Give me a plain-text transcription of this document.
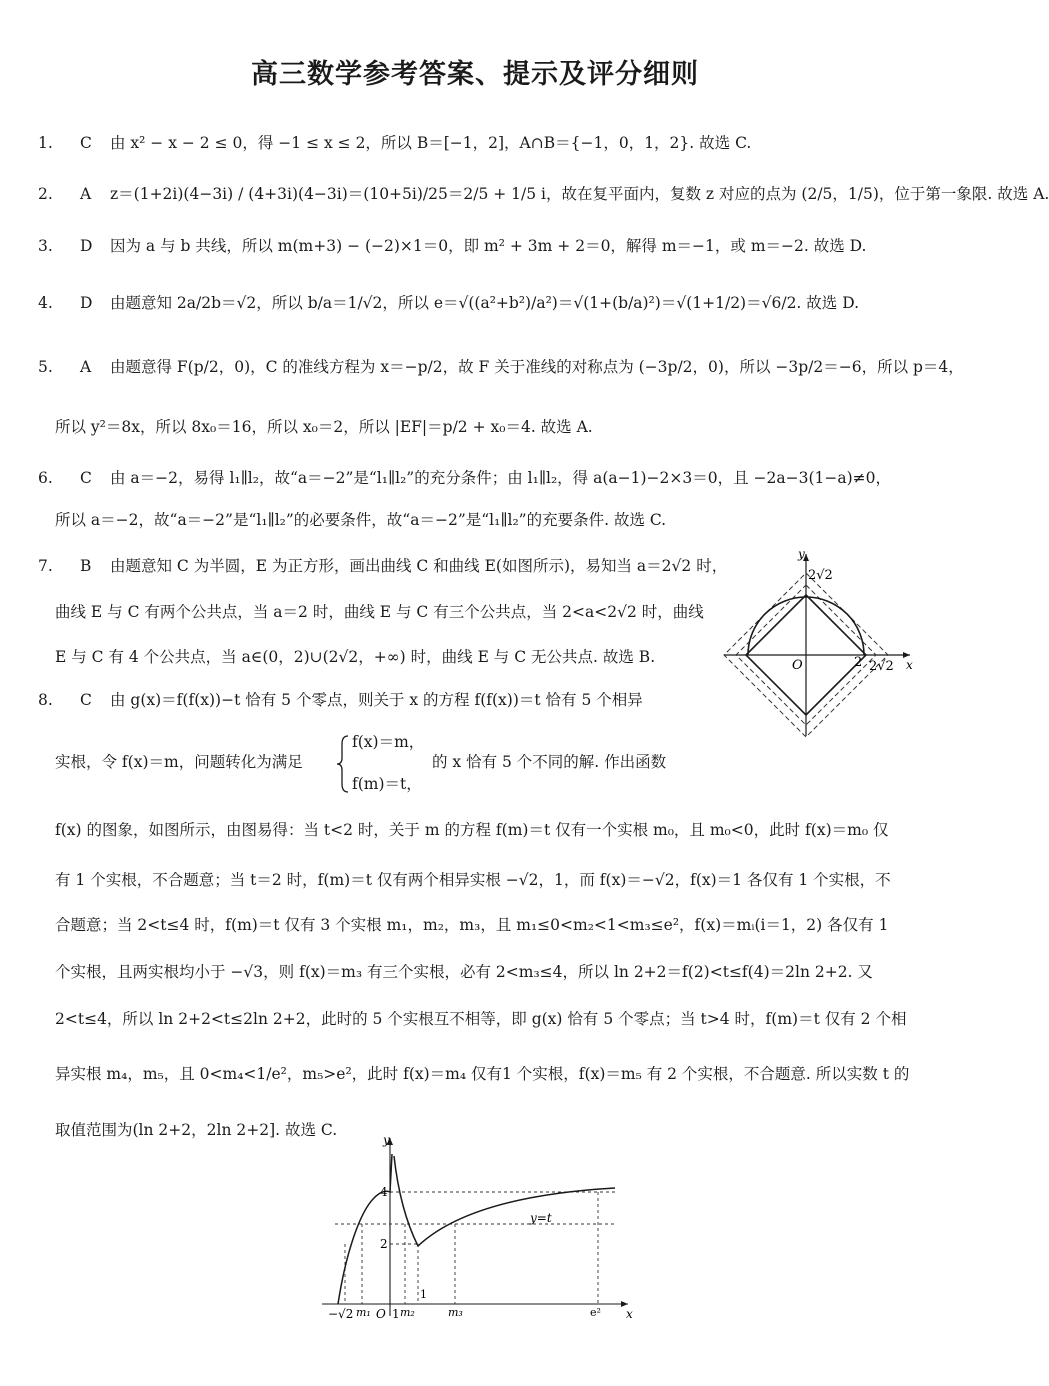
高三数学参考答案、提示及评分细则
1. C 由 x² − x − 2 ≤ 0，得 −1 ≤ x ≤ 2，所以 B＝[−1，2]，A∩B＝{−1，0，1，2}. 故选 C.
2. A z＝(1+2i)(4−3i) / (4+3i)(4−3i)＝(10+5i)/25＝2/5 + 1/5 i，故在复平面内，复数 z 对应的点为 (2/5，1/5)，位于第一象限. 故选 A.
3. D 因为 a 与 b 共线，所以 m(m+3) − (−2)×1＝0，即 m² + 3m + 2＝0，解得 m＝−1，或 m＝−2. 故选 D.
4. D 由题意知 2a/2b＝√2，所以 b/a＝1/√2，所以 e＝√((a²+b²)/a²)＝√(1+(b/a)²)＝√(1+1/2)＝√6/2. 故选 D.
5. A 由题意得 F(p/2，0)，C 的准线方程为 x＝−p/2，故 F 关于准线的对称点为 (−3p/2，0)，所以 −3p/2＝−6，所以 p＝4，
所以 y²＝8x，所以 8x₀＝16，所以 x₀＝2，所以 |EF|＝p/2 + x₀＝4. 故选 A.
6. C 由 a＝−2，易得 l₁∥l₂，故“a＝−2”是“l₁∥l₂”的充分条件；由 l₁∥l₂，得 a(a−1)−2×3＝0，且 −2a−3(1−a)≠0，
所以 a＝−2，故“a＝−2”是“l₁∥l₂”的必要条件，故“a＝−2”是“l₁∥l₂”的充要条件. 故选 C.
7. B 由题意知 C 为半圆，E 为正方形，画出曲线 C 和曲线 E(如图所示)，易知当 a＝2√2 时，
曲线 E 与 C 有两个公共点，当 a＝2 时，曲线 E 与 C 有三个公共点，当 2<a<2√2 时，曲线
E 与 C 有 4 个公共点，当 a∈(0，2)∪(2√2，+∞) 时，曲线 E 与 C 无公共点. 故选 B.
y
2√2
O	2 2√2 x
8. C 由 g(x)＝f(f(x))−t 恰有 5 个零点，则关于 x 的方程 f(f(x))＝t 恰有 5 个相异
实根，令 f(x)＝m，问题转化为满足
f(x)＝m，
f(m)＝t，
的 x 恰有 5 个不同的解. 作出函数
f(x) 的图象，如图所示，由图易得：当 t<2 时，关于 m 的方程 f(m)＝t 仅有一个实根 m₀，且 m₀<0，此时 f(x)＝m₀ 仅
有 1 个实根，不合题意；当 t＝2 时，f(m)＝t 仅有两个相异实根 −√2，1，而 f(x)＝−√2，f(x)＝1 各仅有 1 个实根，不
合题意；当 2<t≤4 时，f(m)＝t 仅有 3 个实根 m₁，m₂，m₃，且 m₁≤0<m₂<1<m₃≤e²，f(x)＝mᵢ(i＝1，2) 各仅有 1
个实根，且两实根均小于 −√3，则 f(x)＝m₃ 有三个实根，必有 2<m₃≤4，所以 ln 2+2＝f(2)<t≤f(4)＝2ln 2+2. 又
2<t≤4，所以 ln 2+2<t≤2ln 2+2，此时的 5 个实根互不相等，即 g(x) 恰有 5 个零点；当 t>4 时，f(m)＝t 仅有 2 个相
异实根 m₄，m₅，且 0<m₄<1/e²，m₅>e²，此时 f(x)＝m₄ 仅有1 个实根，f(x)＝m₅ 有 2 个实根，不合题意. 所以实数 t 的
取值范围为(ln 2+2，2ln 2+2]. 故选 C.
y
4
2
y=t
1
−√2 m₁ O 1 m₂	m₃	e² x
